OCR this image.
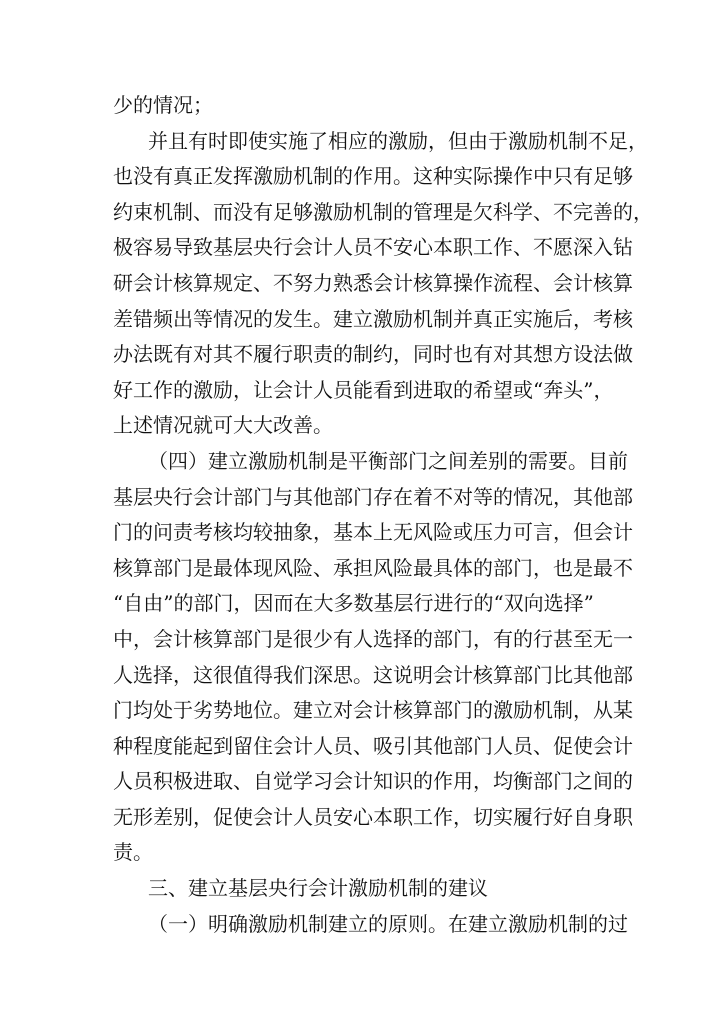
少的情况；
并且有时即使实施了相应的激励，但由于激励机制不足，
也没有真正发挥激励机制的作用。这种实际操作中只有足够
约束机制、而没有足够激励机制的管理是欠科学、不完善的，
极容易导致基层央行会计人员不安心本职工作、不愿深入钻
研会计核算规定、不努力熟悉会计核算操作流程、会计核算
差错频出等情况的发生。建立激励机制并真正实施后，考核
办法既有对其不履行职责的制约，同时也有对其想方设法做
好工作的激励，让会计人员能看到进取的希望或“奔头”，
上述情况就可大大改善。
（四）建立激励机制是平衡部门之间差别的需要。目前
基层央行会计部门与其他部门存在着不对等的情况，其他部
门的问责考核均较抽象，基本上无风险或压力可言，但会计
核算部门是最体现风险、承担风险最具体的部门，也是最不
“自由”的部门，因而在大多数基层行进行的“双向选择”
中，会计核算部门是很少有人选择的部门，有的行甚至无一
人选择，这很值得我们深思。这说明会计核算部门比其他部
门均处于劣势地位。建立对会计核算部门的激励机制，从某
种程度能起到留住会计人员、吸引其他部门人员、促使会计
人员积极进取、自觉学习会计知识的作用，均衡部门之间的
无形差别，促使会计人员安心本职工作，切实履行好自身职
责。
三、建立基层央行会计激励机制的建议
（一）明确激励机制建立的原则。在建立激励机制的过
